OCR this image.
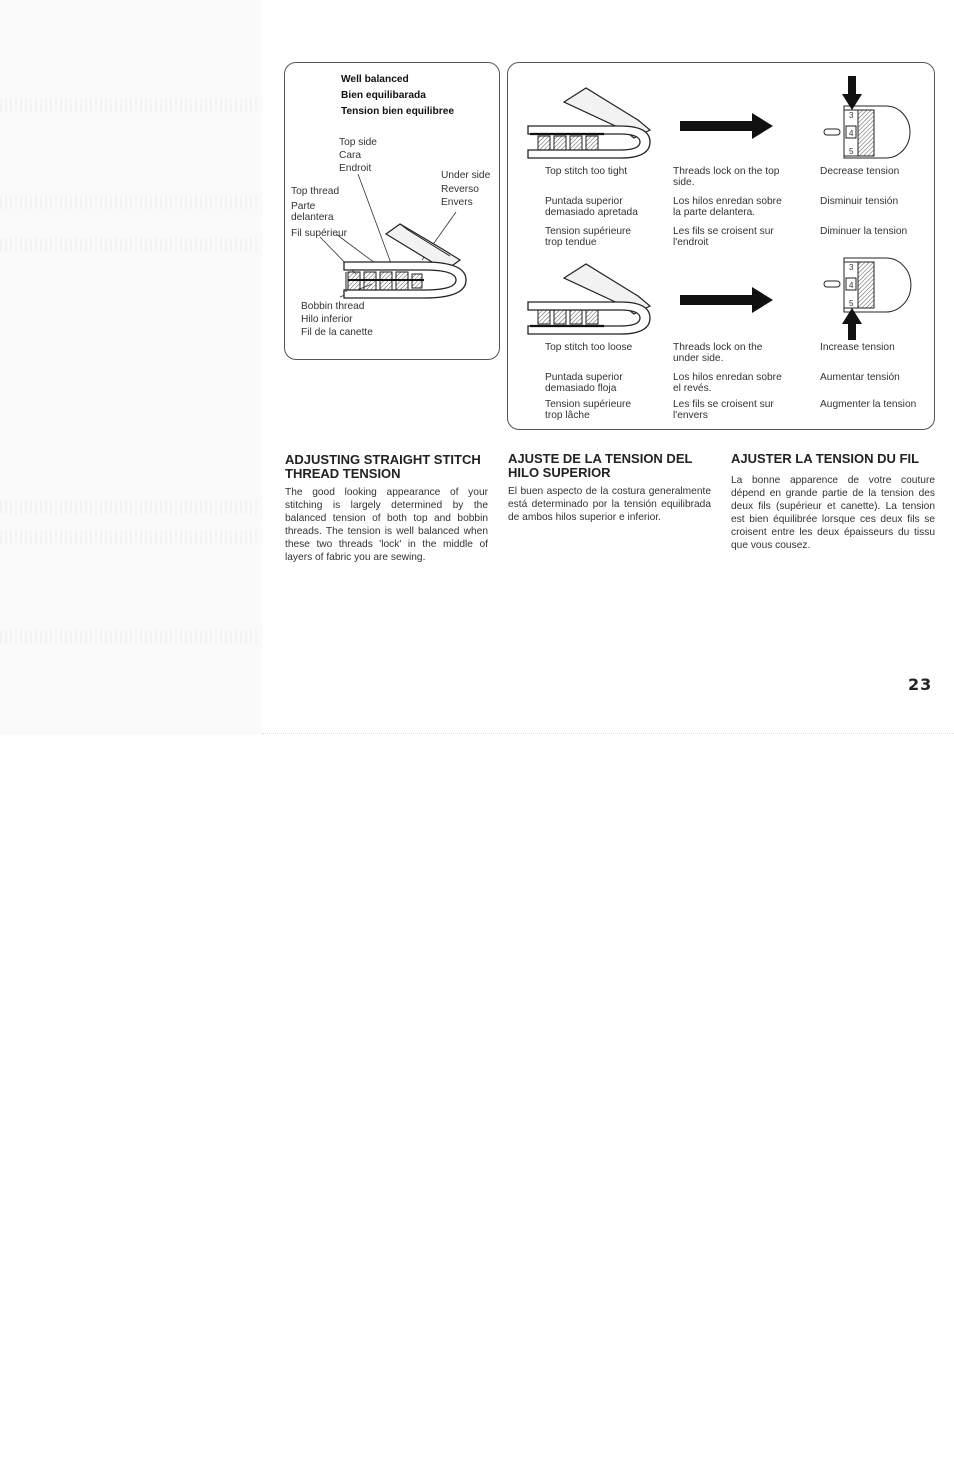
Well balanced
Bien equilibarada
Tension bien equilibree
Top side
Cara
Endroit
Under side
Reverso
Envers
Top thread
Parte
delantera
Fil supérieur
Bobbin thread
Hilo inferior
Fil de la canette
3
4
5
Top stitch too tight
Puntada superior
demasiado apretada
Tension supérieure
trop tendue
Threads lock on the top
side.
Los hilos enredan sobre
la parte delantera.
Les fils se croisent sur
l'endroit
Decrease tension
Disminuir tensión
Diminuer la tension
3
4
5
Top stitch too loose
Puntada superior
demasiado floja
Tension supérieure
trop lâche
Threads lock on the
under side.
Los hilos enredan sobre
el revés.
Les fils se croisent sur
l'envers
Increase tension
Aumentar tensión
Augmenter la tension
ADJUSTING STRAIGHT STITCH
THREAD TENSION
The good looking appearance of your stitching is largely determined by the balanced tension of both top and bobbin threads. The tension is well balanced when these two threads 'lock' in the middle of layers of fabric you are sewing.
AJUSTE DE LA TENSION DEL
HILO SUPERIOR
El buen aspecto de la costura generalmente está determinado por la tensión equilibrada de ambos hilos superior e inferior.
AJUSTER LA TENSION DU FIL
La bonne apparence de votre couture dépend en grande partie de la tension des deux fils (supérieur et canette). La tension est bien équilibrée lorsque ces deux fils se croisent entre les deux épaisseurs du tissu que vous cousez.
23
